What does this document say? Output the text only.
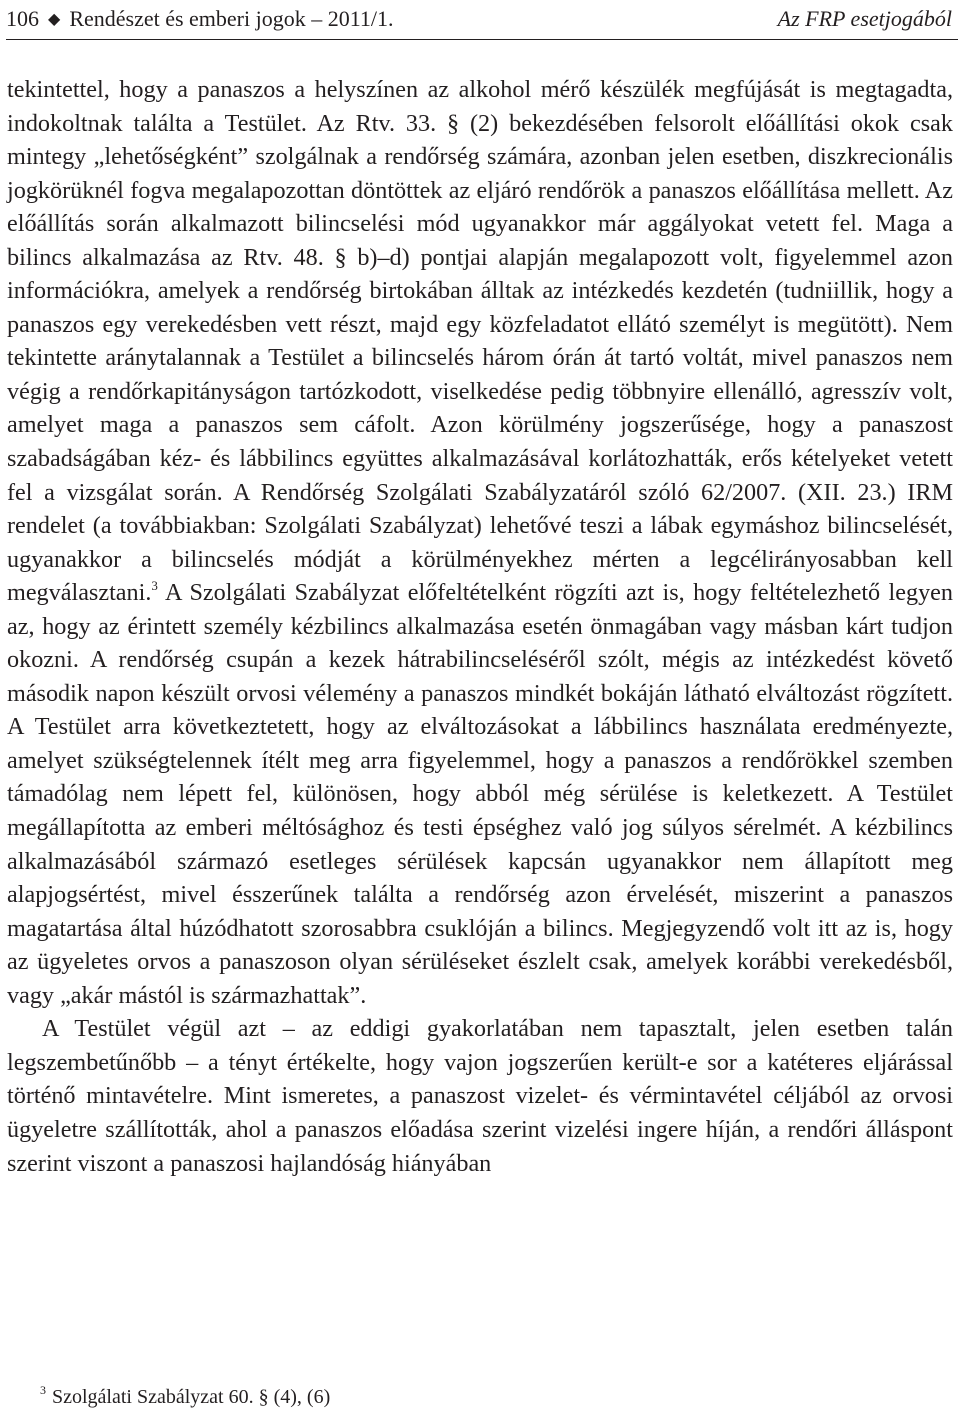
106 ◆ Rendészet és emberi jogok – 2011/1.	Az FRP esetjogából

tekintettel, hogy a panaszos a helyszínen az alkohol mérő készülék megfújását is megtagadta, indokoltnak találta a Testület. Az Rtv. 33. § (2) bekezdésében felsorolt előállítási okok csak mintegy „lehetőségként” szolgálnak a rendőrség számára, azonban jelen esetben, diszkrecionális jogkörüknél fogva megalapozottan döntöttek az eljáró rendőrök a panaszos előállítása mellett. Az előállítás során alkalmazott bilincselési mód ugyanakkor már aggályokat vetett fel. Maga a bilincs alkalmazása az Rtv. 48. § b)–d) pontjai alapján megalapozott volt, figyelemmel azon információkra, amelyek a rendőrség birtokában álltak az intézkedés kezdetén (tudniillik, hogy a panaszos egy verekedésben vett részt, majd egy közfeladatot ellátó személyt is megütött). Nem tekintette aránytalannak a Testület a bilincselés három órán át tartó voltát, mivel panaszos nem végig a rendőrkapitányságon tartózkodott, viselkedése pedig többnyire ellenálló, agresszív volt, amelyet maga a panaszos sem cáfolt. Azon körülmény jogszerűsége, hogy a panaszost szabadságában kéz- és lábbilincs együttes alkalmazásával korlátozhatták, erős kételyeket vetett fel a vizsgálat során. A Rendőrség Szolgálati Szabályzatáról szóló 62/2007. (XII. 23.) IRM rendelet (a továbbiakban: Szolgálati Szabályzat) lehetővé teszi a lábak egymáshoz bilincselését, ugyanakkor a bilincselés módját a körülményekhez mérten a legcélirányosabban kell megválasztani.$^3$ A Szolgálati Szabályzat előfeltételként rögzíti azt is, hogy feltételezhető legyen az, hogy az érintett személy kézbilincs alkalmazása esetén önmagában vagy másban kárt tudjon okozni. A rendőrség csupán a kezek hátrabilincseléséről szólt, mégis az intézkedést követő második napon készült orvosi vélemény a panaszos mindkét bokáján látható elváltozást rögzített. A Testület arra következtetett, hogy az elváltozásokat a lábbilincs használata eredményezte, amelyet szükségtelennek ítélt meg arra figyelemmel, hogy a panaszos a rendőrökkel szemben támadólag nem lépett fel, különösen, hogy abból még sérülése is keletkezett. A Testület megállapította az emberi méltósághoz és testi épséghez való jog súlyos sérelmét. A kézbilincs alkalmazásából származó esetleges sérülések kapcsán ugyanakkor nem állapított meg alapjogsértést, mivel ésszerűnek találta a rendőrség azon érvelését, miszerint a panaszos magatartása által húzódhatott szorosabbra csuklóján a bilincs. Megjegyzendő volt itt az is, hogy az ügyeletes orvos a panaszoson olyan sérüléseket észlelt csak, amelyek korábbi verekedésből, vagy „akár mástól is származhattak”.

A Testület végül azt – az eddigi gyakorlatában nem tapasztalt, jelen esetben talán legszembetűnőbb – a tényt értékelte, hogy vajon jogszerűen került-e sor a katéteres eljárással történő mintavételre. Mint ismeretes, a panaszost vizelet- és vérmintavétel céljából az orvosi ügyeletre szállították, ahol a panaszos előadása szerint vizelési ingere híján, a rendőri álláspont szerint viszont a panaszosi hajlandóság hiányában

$^3$ Szolgálati Szabályzat 60. § (4), (6)
